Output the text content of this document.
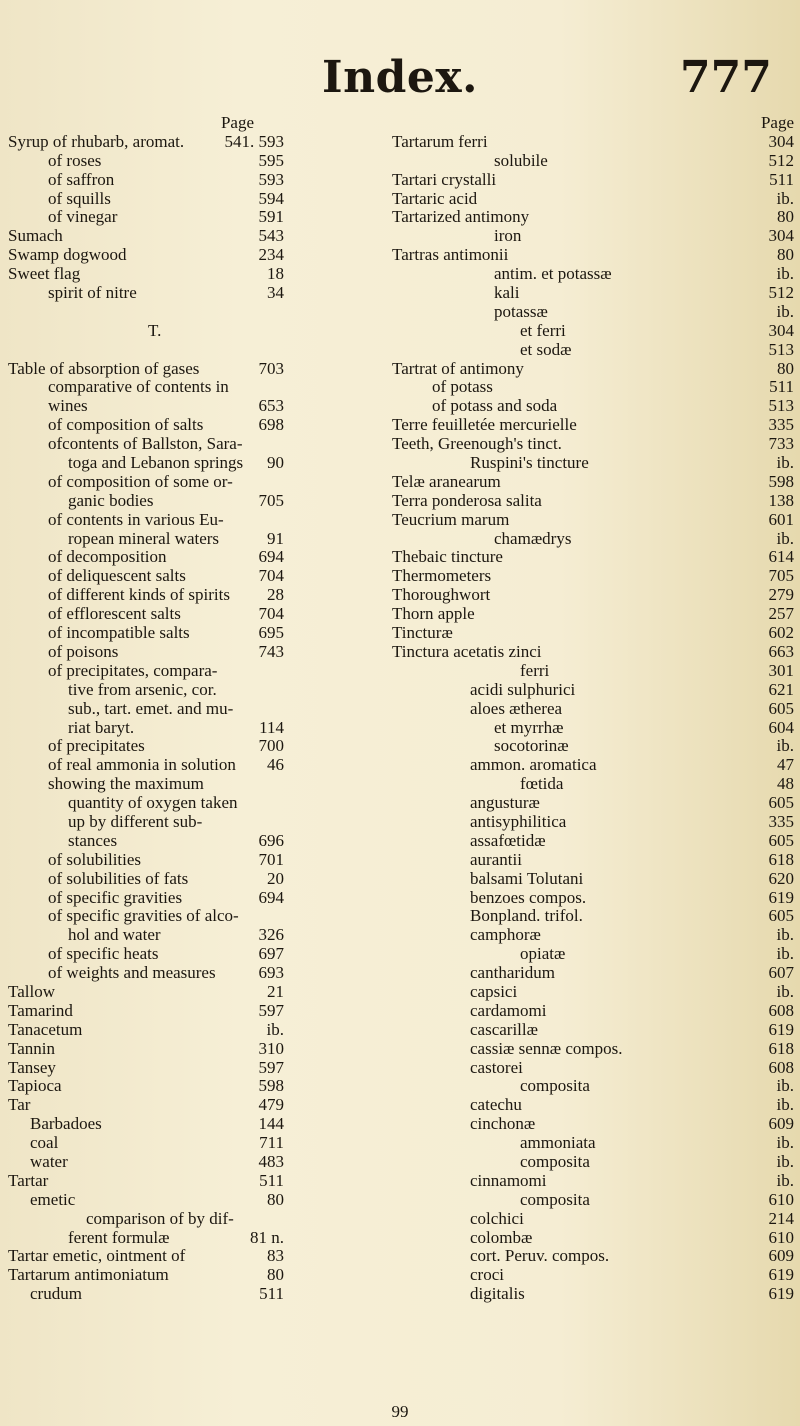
Index.	777
Page
Syrup of rhubarb, aromat. 541. 593
of roses	595
of saffron	593
of squills	594
of vinegar	591
Sumach	543
Swamp dogwood	234
Sweet flag	18
spirit of nitre	34
T.
Table of absorption of gases	703
comparative of contents in
wines	653
of composition of salts	698
ofcontents of Ballston, Sara-
toga and Lebanon springs 90
of composition of some or-
ganic bodies	705
of contents in various Eu-
ropean mineral waters	91
of decomposition	694
of deliquescent salts	704
of different kinds of spirits 28
of efflorescent salts	704
of incompatible salts	695
of poisons	743
of precipitates, compara-
tive from arsenic, cor.
sub., tart. emet. and mu-
riat baryt.	114
of precipitates	700
of real ammonia in solution 46
showing the maximum
quantity of oxygen taken
up by different sub-
stances	696
of solubilities	701
of solubilities of fats	20
of specific gravities	694
of specific gravities of alco-
hol and water	326
of specific heats	697
of weights and measures	693
Tallow	21
Tamarind	597
Tanacetum	ib.
Tannin	310
Tansey	597
Tapioca	598
Tar	479
Barbadoes	144
coal	711
water	483
Tartar	511
emetic	80
comparison of by dif-
ferent formulæ	81 n.
Tartar emetic, ointment of	83
Tartarum antimoniatum	80
crudum	511
Page
Tartarum ferri	304
solubile	512
Tartari crystalli	511
Tartaric acid	ib.
Tartarized antimony	80
iron	304
Tartras antimonii	80
antim. et potassæ	ib.
kali	512
potassæ	ib.
et ferri	304
et sodæ	513
Tartrat of antimony	80
of potass	511
of potass and soda	513
Terre feuilletée mercurielle	335
Teeth, Greenough's tinct.	733
Ruspini's tincture	ib.
Telæ aranearum	598
Terra ponderosa salita	138
Teucrium marum	601
chamædrys	ib.
Thebaic tincture	614
Thermometers	705
Thoroughwort	279
Thorn apple	257
Tincturæ	602
Tinctura acetatis zinci	663
ferri	301
acidi sulphurici	621
aloes ætherea	605
et myrrhæ	604
socotorinæ	ib.
ammon. aromatica	47
fœtida	48
angusturæ	605
antisyphilitica	335
assafœtidæ	605
aurantii	618
balsami Tolutani	620
benzoes compos.	619
Bonpland. trifol.	605
camphoræ	ib.
opiatæ	ib.
cantharidum	607
capsici	ib.
cardamomi	608
cascarillæ	619
cassiæ sennæ compos.	618
castorei	608
composita	ib.
catechu	ib.
cinchonæ	609
ammoniata	ib.
composita	ib.
cinnamomi	ib.
composita	610
colchici	214
colombæ	610
cort. Peruv. compos.	609
croci	619
digitalis	619
99
